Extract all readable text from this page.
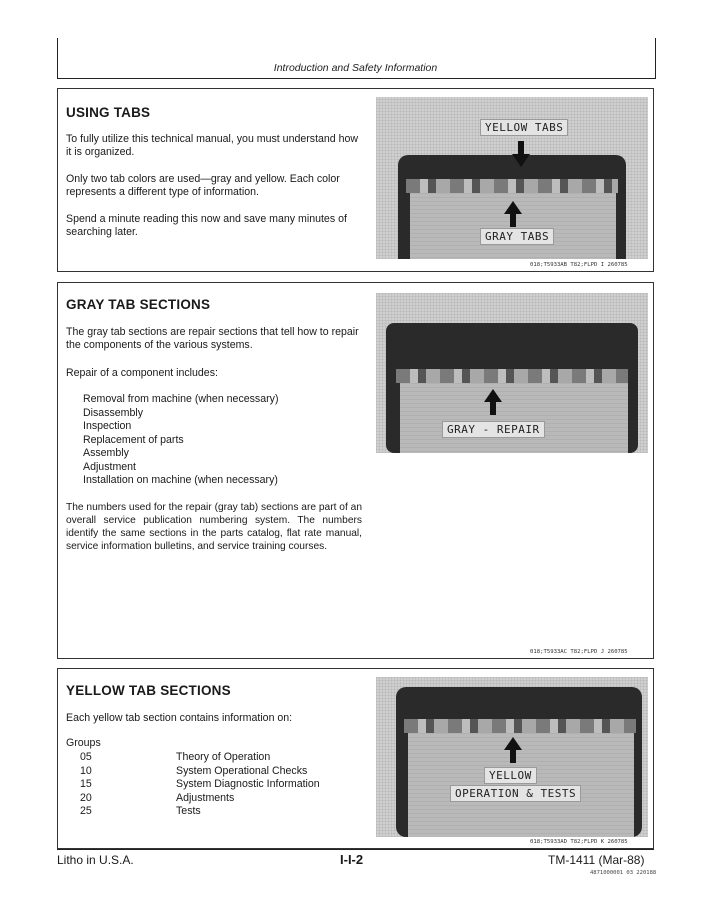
Introduction and Safety Information
USING TABS

To fully utilize this technical manual, you must understand how it is organized.

Only two tab colors are used—gray and yellow. Each color represents a different type of information.

Spend a minute reading this now and save many minutes of searching later.

YELLOW TABS
GRAY TABS
018;T5933AB T82;FLPD I 260785
GRAY TAB SECTIONS

The gray tab sections are repair sections that tell how to repair the components of the various systems.

Repair of a component includes:

Removal from machine (when necessary)
Disassembly
Inspection
Replacement of parts
Assembly
Adjustment
Installation on machine (when necessary)

The numbers used for the repair (gray tab) sections are part of an overall service publication numbering system. The numbers identify the same sections in the parts catalog, flat rate manual, service information bulletins, and service training courses.

GRAY - REPAIR
018;T5933AC T82;FLPD J 260785
YELLOW TAB SECTIONS

Each yellow tab section contains information on:

Groups
05	Theory of Operation
10	System Operational Checks
15	System Diagnostic Information
20	Adjustments
25	Tests
YELLOW
OPERATION & TESTS
018;T5933AD T82;FLPD K 260785
Litho in U.S.A.	I-I-2	TM-1411 (Mar-88)
4871000001 03 220188
